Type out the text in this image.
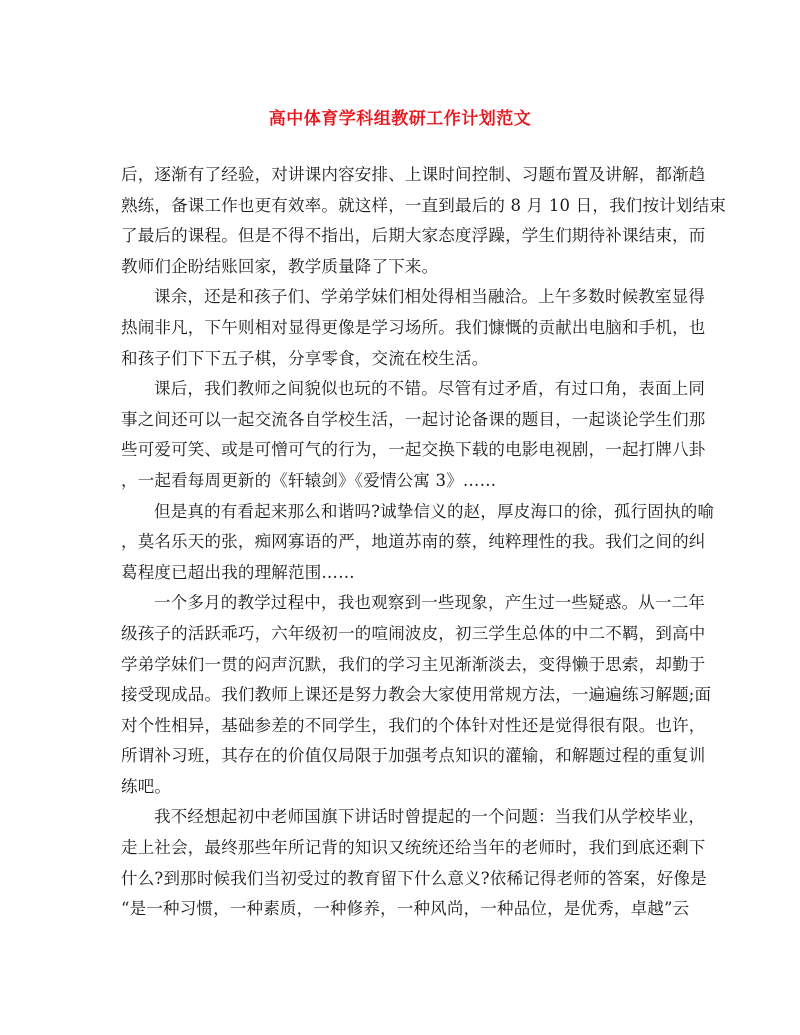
高中体育学科组教研工作计划范文
后，逐渐有了经验，对讲课内容安排、上课时间控制、习题布置及讲解，都渐趋
熟练，备课工作也更有效率。就这样，一直到最后的 8 月 10 日，我们按计划结束
了最后的课程。但是不得不指出，后期大家态度浮躁，学生们期待补课结束，而
教师们企盼结账回家，教学质量降了下来。
课余，还是和孩子们、学弟学妹们相处得相当融洽。上午多数时候教室显得
热闹非凡，下午则相对显得更像是学习场所。我们慷慨的贡献出电脑和手机，也
和孩子们下下五子棋，分享零食，交流在校生活。
课后，我们教师之间貌似也玩的不错。尽管有过矛盾，有过口角，表面上同
事之间还可以一起交流各自学校生活，一起讨论备课的题目，一起谈论学生们那
些可爱可笑、或是可憎可气的行为，一起交换下载的电影电视剧，一起打牌八卦
，一起看每周更新的《轩辕剑》《爱情公寓 3》……
但是真的有看起来那么和谐吗?诚挚信义的赵，厚皮海口的徐，孤行固执的喻
，莫名乐天的张，痴网寡语的严，地道苏南的蔡，纯粹理性的我。我们之间的纠
葛程度已超出我的理解范围……
一个多月的教学过程中，我也观察到一些现象，产生过一些疑惑。从一二年
级孩子的活跃乖巧，六年级初一的喧闹波皮，初三学生总体的中二不羁，到高中
学弟学妹们一贯的闷声沉默，我们的学习主见渐渐淡去，变得懒于思索，却勤于
接受现成品。我们教师上课还是努力教会大家使用常规方法，一遍遍练习解题;面
对个性相异，基础参差的不同学生，我们的个体针对性还是觉得很有限。也许，
所谓补习班，其存在的价值仅局限于加强考点知识的灌输，和解题过程的重复训
练吧。
我不经想起初中老师国旗下讲话时曾提起的一个问题：当我们从学校毕业，
走上社会，最终那些年所记背的知识又统统还给当年的老师时，我们到底还剩下
什么?到那时候我们当初受过的教育留下什么意义?依稀记得老师的答案，好像是
“是一种习惯，一种素质，一种修养，一种风尚，一种品位，是优秀，卓越”云
